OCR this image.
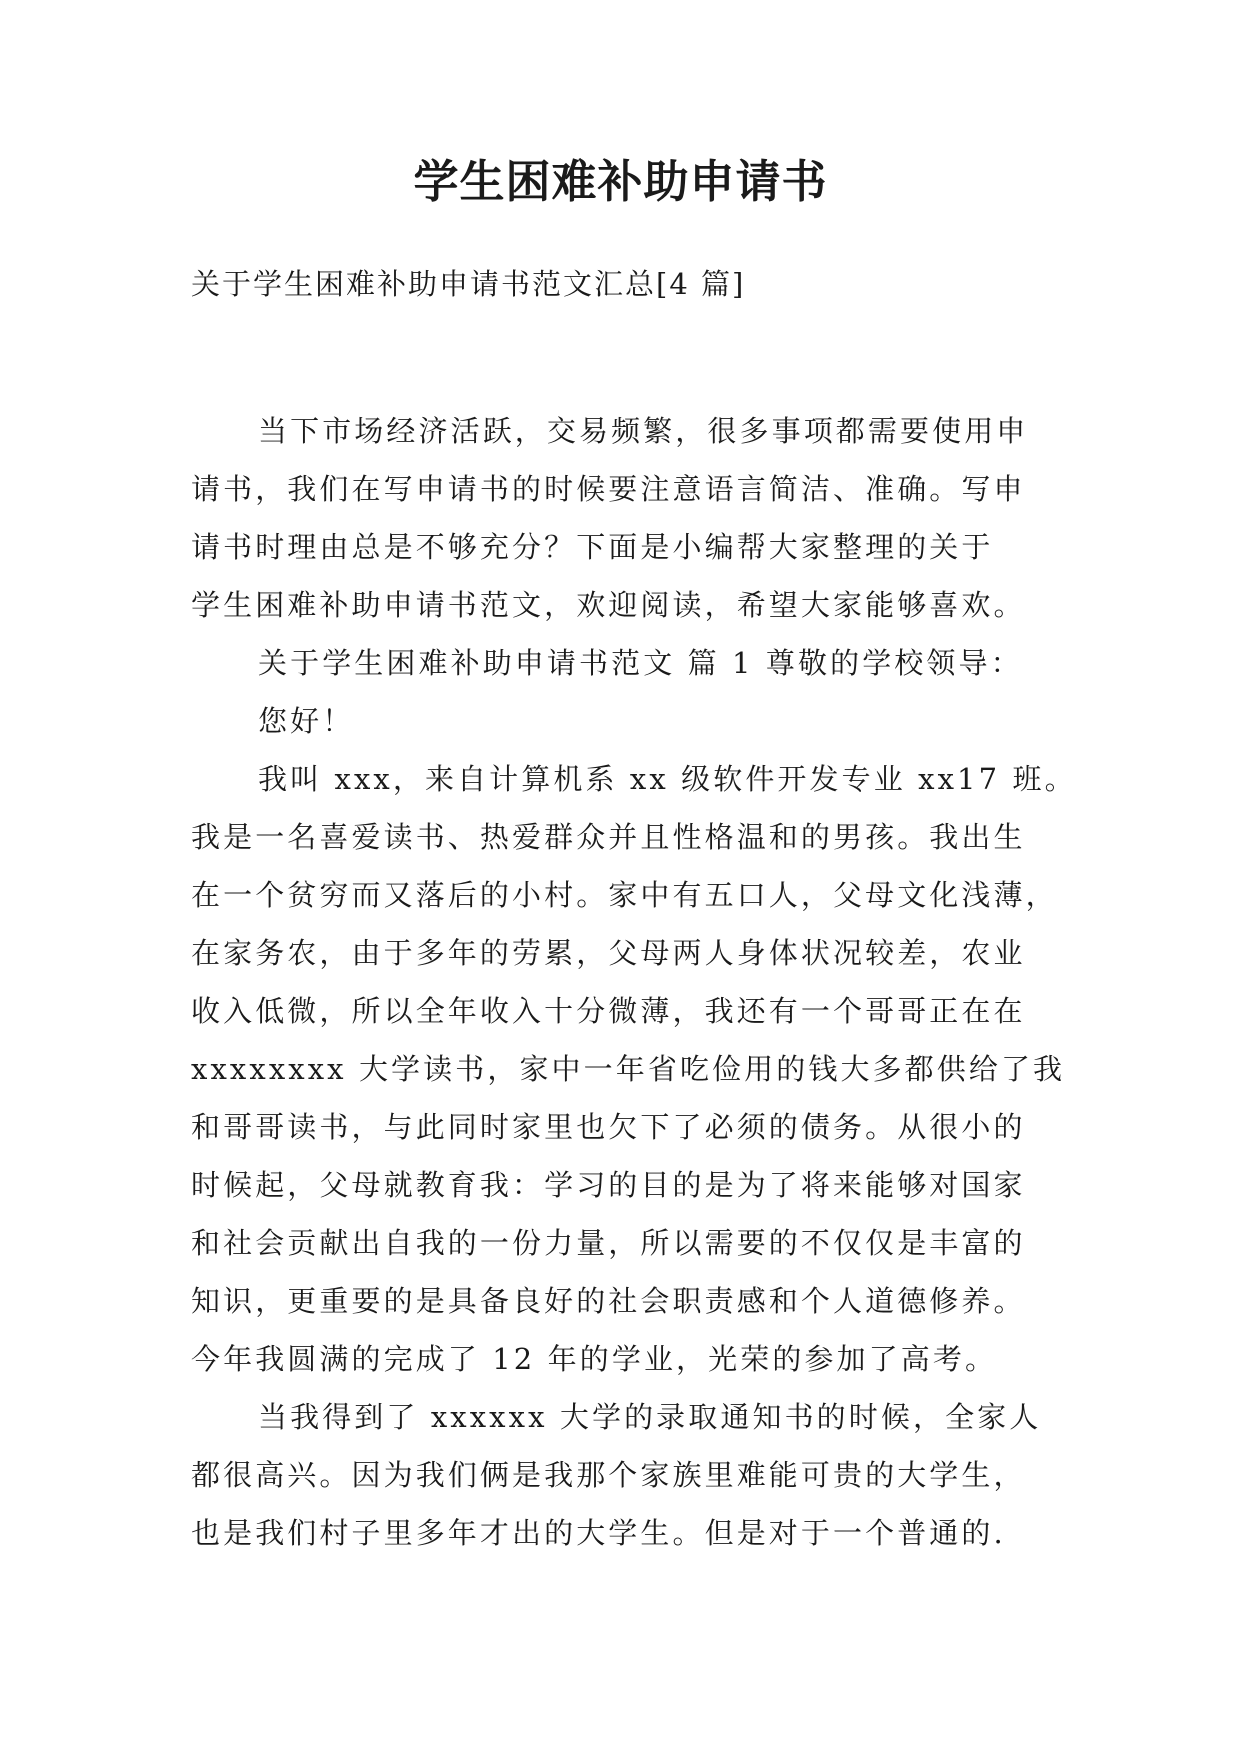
学生困难补助申请书

关于学生困难补助申请书范文汇总[4 篇]

当下市场经济活跃，交易频繁，很多事项都需要使用申
请书，我们在写申请书的时候要注意语言简洁、准确。写申
请书时理由总是不够充分？下面是小编帮大家整理的关于
学生困难补助申请书范文，欢迎阅读，希望大家能够喜欢。
关于学生困难补助申请书范文 篇 1 尊敬的学校领导：
您好！
我叫 xxx，来自计算机系 xx 级软件开发专业 xx17 班。
我是一名喜爱读书、热爱群众并且性格温和的男孩。我出生
在一个贫穷而又落后的小村。家中有五口人，父母文化浅薄，
在家务农，由于多年的劳累，父母两人身体状况较差，农业
收入低微，所以全年收入十分微薄，我还有一个哥哥正在在
xxxxxxxx 大学读书，家中一年省吃俭用的钱大多都供给了我
和哥哥读书，与此同时家里也欠下了必须的债务。从很小的
时候起，父母就教育我：学习的目的是为了将来能够对国家
和社会贡献出自我的一份力量，所以需要的不仅仅是丰富的
知识，更重要的是具备良好的社会职责感和个人道德修养。
今年我圆满的完成了 12 年的学业，光荣的参加了高考。
当我得到了 xxxxxx 大学的录取通知书的时候，全家人
都很高兴。因为我们俩是我那个家族里难能可贵的大学生，
也是我们村子里多年才出的大学生。但是对于一个普通的.
